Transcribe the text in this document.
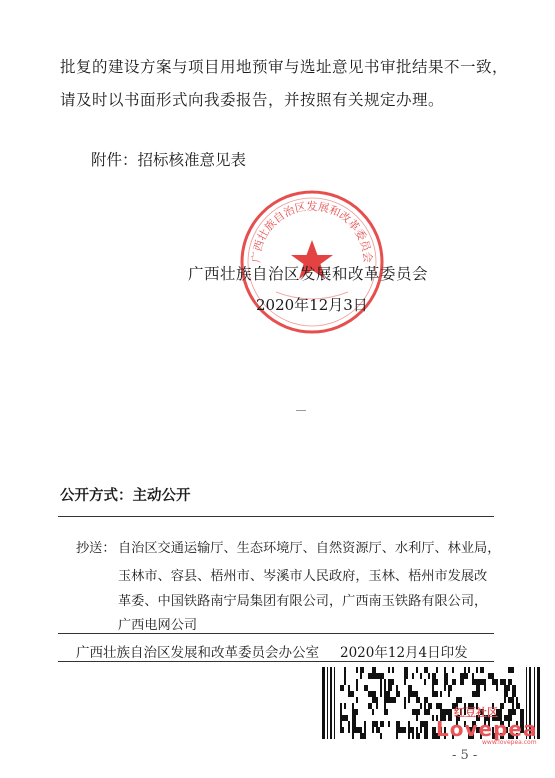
批复的建设方案与项目用地预审与选址意见书审批结果不一致，
请及时以书面形式向我委报告，并按照有关规定办理。
附件：招标核准意见表
广西壮族自治区发展和改革委员会
广西壮族自治区发展和改革委员会
2020年12月3日
公开方式：主动公开
抄送： 自治区交通运输厅、生态环境厅、自然资源厅、水利厅、林业局，
玉林市、容县、梧州市、岑溪市人民政府，玉林、梧州市发展改
革委、中国铁路南宁局集团有限公司，广西南玉铁路有限公司，
广西电网公司
广西壮族自治区发展和改革委员会办公室 2020年12月4日印发
红豆社区
Lovepea
www.lovepea.com
- 5 -
